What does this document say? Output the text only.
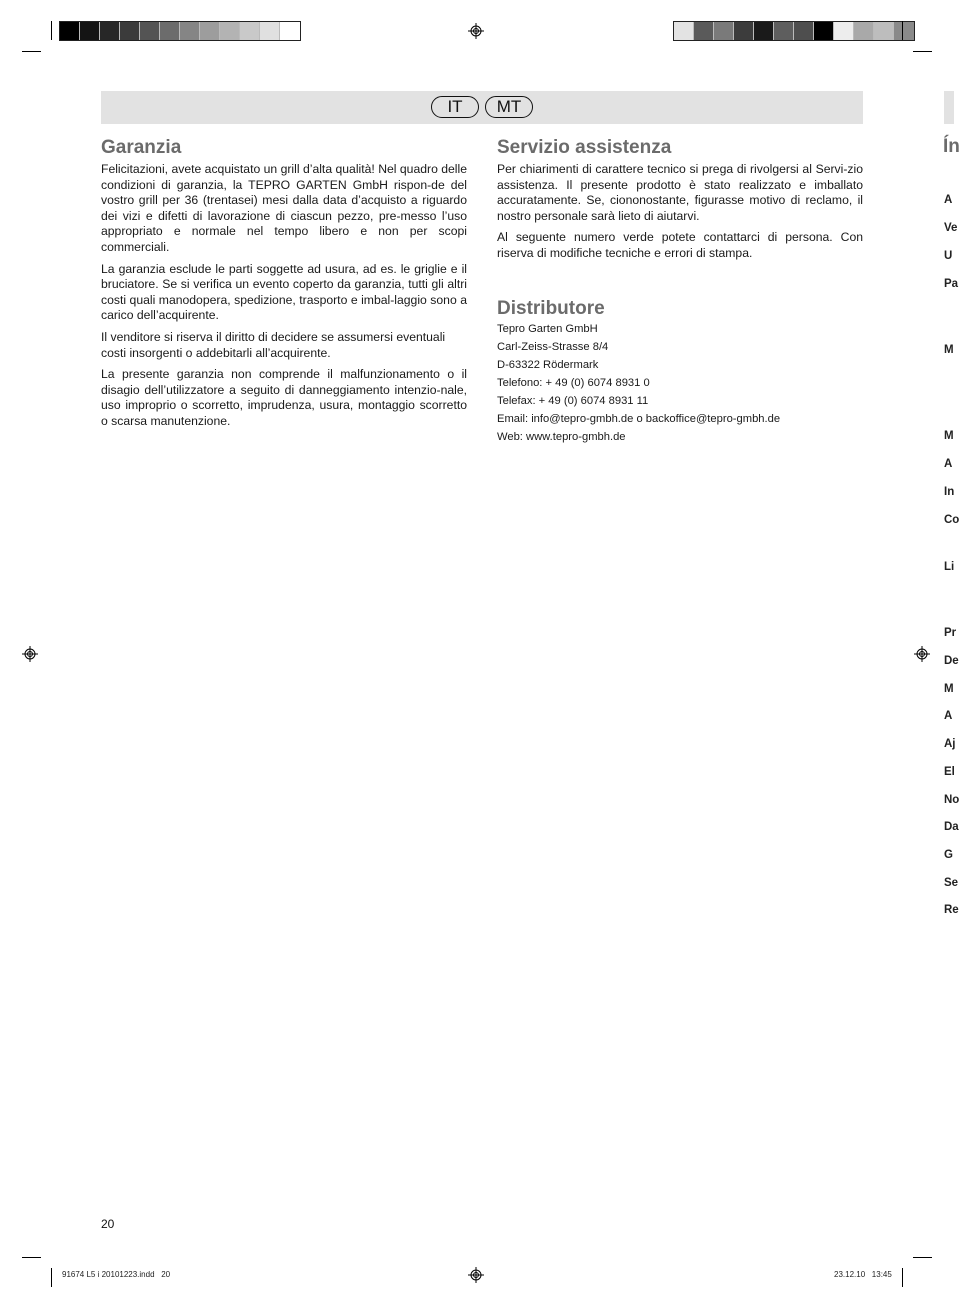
IT	MT
Garanzia

Felicitazioni, avete acquistato un grill d’alta qualità! Nel quadro delle condizioni di garanzia, la TEPRO GARTEN GmbH rispon-de del vostro grill per 36 (trentasei) mesi dalla data d’acquisto a riguardo dei vizi e difetti di lavorazione di ciascun pezzo, pre-messo l’uso appropriato e normale nel tempo libero e non per scopi commerciali.

La garanzia esclude le parti soggette ad usura, ad es. le griglie e il bruciatore. Se si verifica un evento coperto da garanzia, tutti gli altri costi quali manodopera, spedizione, trasporto e imbal-laggio sono a carico dell’acquirente.

Il venditore si riserva il diritto di decidere se assumersi eventuali costi insorgenti o addebitarli all’acquirente.

La presente garanzia non comprende il malfunzionamento o il disagio dell’utilizzatore a seguito di danneggiamento intenzio-nale, uso improprio o scorretto, imprudenza, usura, montaggio scorretto o scarsa manutenzione.

Servizio assistenza

Per chiarimenti di carattere tecnico si prega di rivolgersi al Servi-zio assistenza. Il presente prodotto è stato realizzato e imballato accuratamente. Se, ciononostante, figurasse motivo di reclamo, il nostro personale sarà lieto di aiutarvi.

Al seguente numero verde potete contattarci di persona. Con riserva di modifiche tecniche e errori di stampa.

Distributore
Tepro Garten GmbH
Carl-Zeiss-Strasse 8/4
D-63322 Rödermark
Telefono: + 49 (0) 6074 8931 0
Telefax: + 49 (0) 6074 8931 11
Email: info@tepro-gmbh.de o backoffice@tepro-gmbh.de
Web: www.tepro-gmbh.de
Ín
A
Ve
U
Pa
M
M
A
In
Co
Li
Pr
De
M
A
Aj
El
No
Da
G
Se
Re
20
91674 L5 i 20101223.indd   20	23.12.10   13:45
